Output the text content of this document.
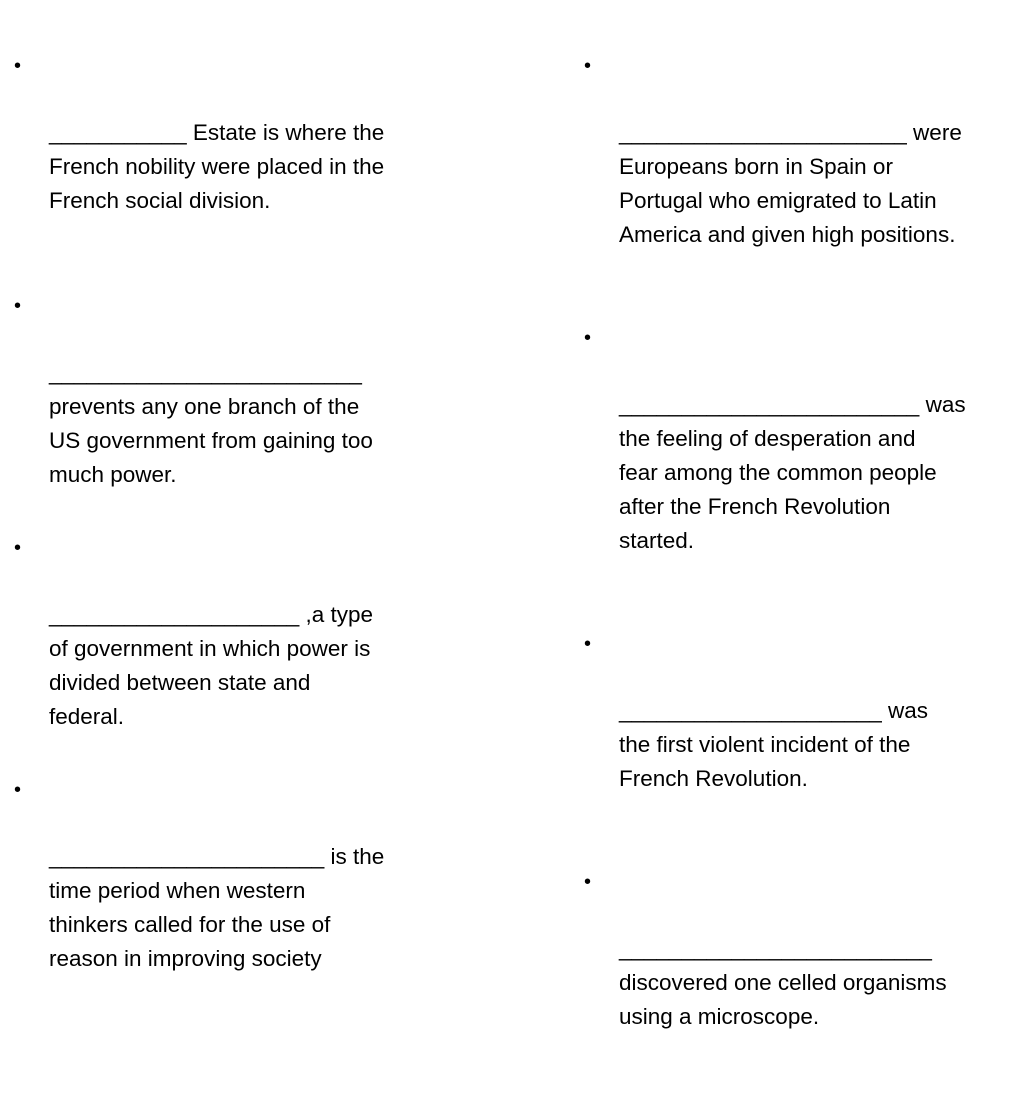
•

___________ Estate is where the
French nobility were placed in the
French social division.

•

_________________________
prevents any one branch of the
US government from gaining too
much power.

•

____________________ ,a type
of government in which power is
divided between state and
federal.

•

______________________ is the
time period when western
thinkers called for the use of
reason in improving society

•

_______________________ were
Europeans born in Spain or
Portugal who emigrated to Latin
America and given high positions.

•

________________________ was
the feeling of desperation and
fear among the common people
after the French Revolution
started.

•

_____________________ was
the first violent incident of the
French Revolution.

•

_________________________
discovered one celled organisms
using a microscope.
